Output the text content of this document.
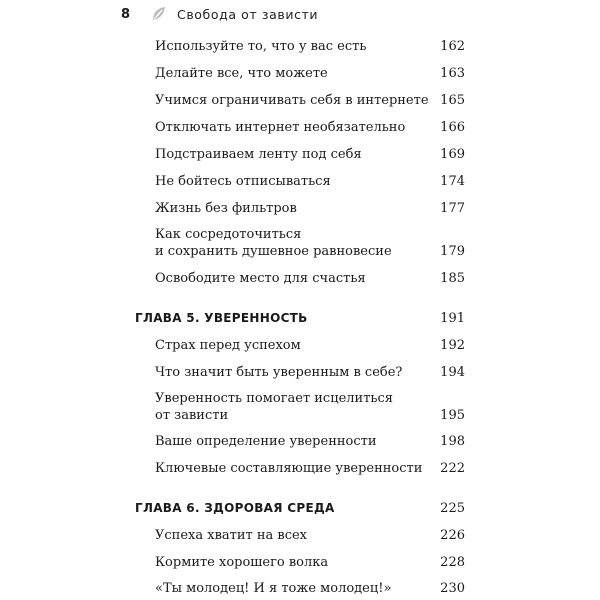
8	Свобода от зависти
Используйте то, что у вас есть	162
Делайте все, что можете	163
Учимся ограничивать себя в интернете 165
Отключать интернет необязательно	166
Подстраиваем ленту под себя	169
Не бойтесь отписываться	174
Жизнь без фильтров	177
Как сосредоточиться
и сохранить душевное равновесие	179
Освободите место для счастья	185
ГЛАВА 5. УВЕРЕННОСТЬ	191
Страх перед успехом	192
Что значит быть уверенным в себе?	194
Уверенность помогает исцелиться
от зависти	195
Ваше определение уверенности	198
Ключевые составляющие уверенности 222
ГЛАВА 6. ЗДОРОВАЯ СРЕДА	225
Успеха хватит на всех	226
Кормите хорошего волка	228
«Ты молодец! И я тоже молодец!»	230
